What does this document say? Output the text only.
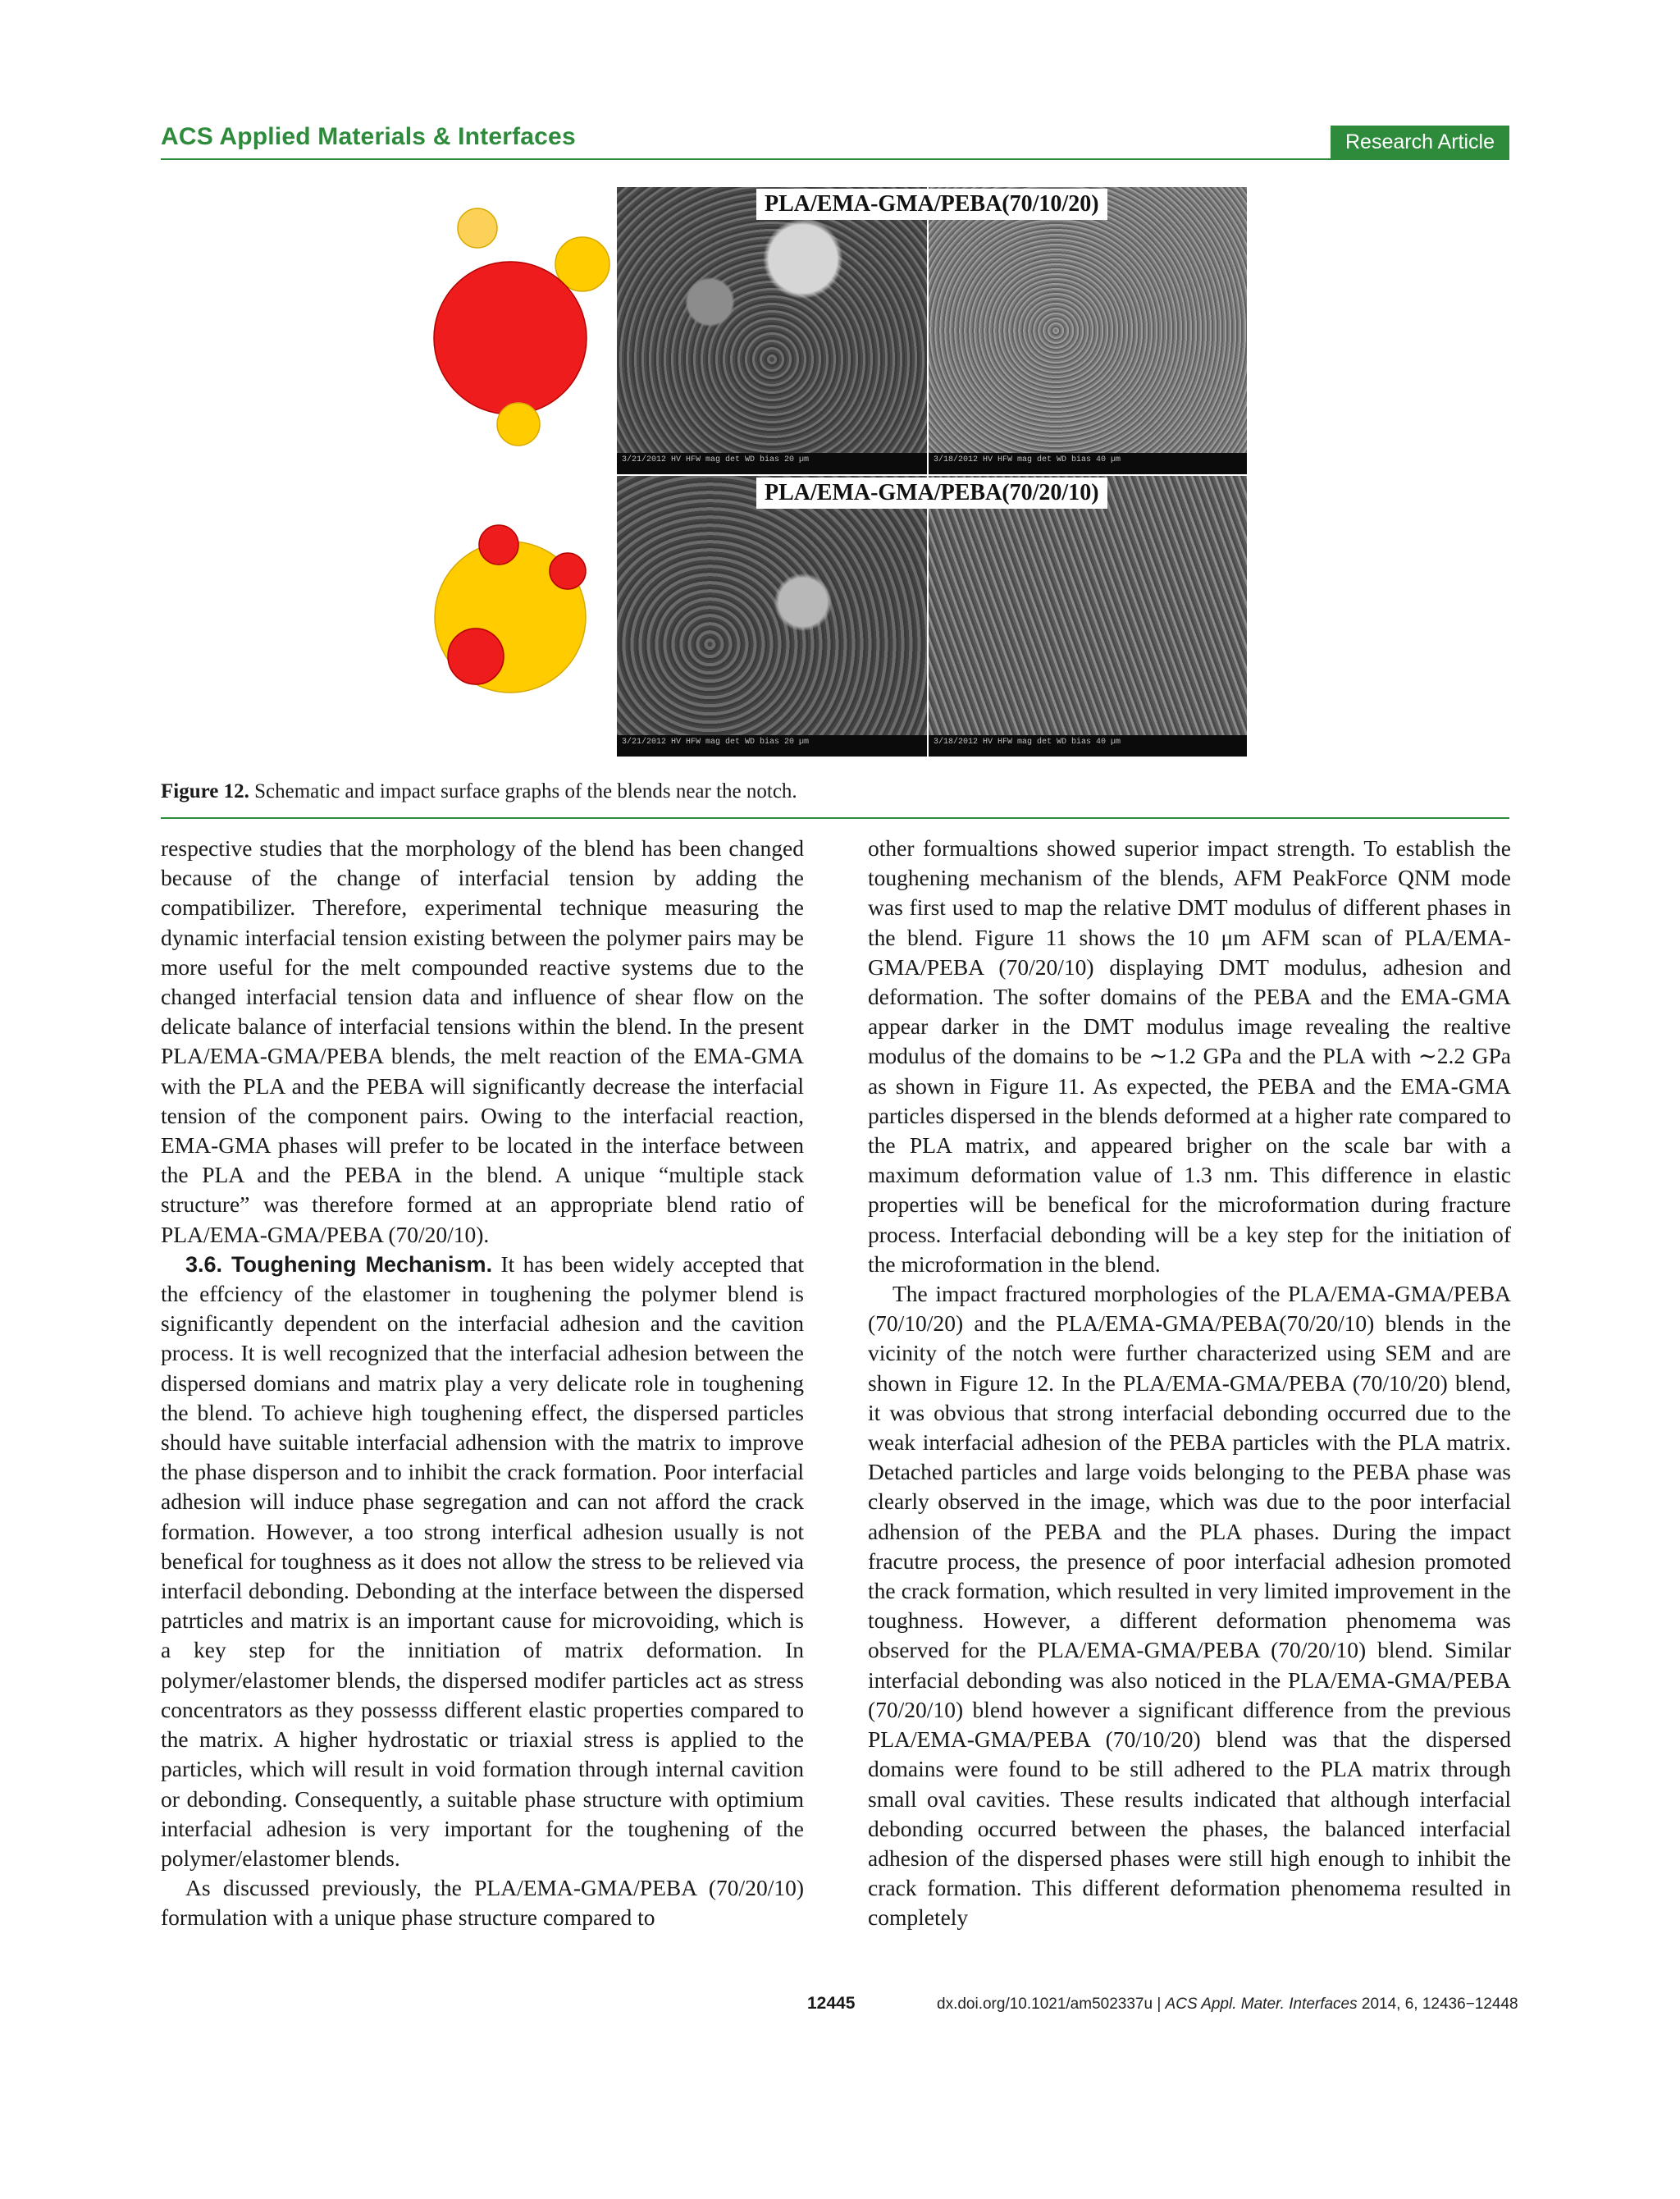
ACS Applied Materials & Interfaces	Research Article
3/21/2012 HV HFW mag det WD bias 20 µm	3/18/2012 HV HFW mag det WD bias 40 µm
3/21/2012 HV HFW mag det WD bias 20 µm	3/18/2012 HV HFW mag det WD bias 40 µm
PLA/EMA-GMA/PEBA(70/10/20)
PLA/EMA-GMA/PEBA(70/20/10)
Figure 12. Schematic and impact surface graphs of the blends near the notch.

respective studies that the morphology of the blend has been changed because of the change of interfacial tension by adding the compatibilizer. Therefore, experimental technique measuring the dynamic interfacial tension existing between the polymer pairs may be more useful for the melt compounded reactive systems due to the changed interfacial tension data and influence of shear flow on the delicate balance of interfacial tensions within the blend. In the present PLA/EMA-GMA/PEBA blends, the melt reaction of the EMA-GMA with the PLA and the PEBA will significantly decrease the interfacial tension of the component pairs. Owing to the interfacial reaction, EMA-GMA phases will prefer to be located in the interface between the PLA and the PEBA in the blend. A unique “multiple stack structure” was therefore formed at an appropriate blend ratio of PLA/EMA-GMA/PEBA (70/20/10).

3.6. Toughening Mechanism. It has been widely accepted that the effciency of the elastomer in toughening the polymer blend is significantly dependent on the interfacial adhesion and the cavition process. It is well recognized that the interfacial adhesion between the dispersed domians and matrix play a very delicate role in toughening the blend. To achieve high toughening effect, the dispersed particles should have suitable interfacial adhension with the matrix to improve the phase disperson and to inhibit the crack formation. Poor interfacial adhesion will induce phase segregation and can not afford the crack formation. However, a too strong interfical adhesion usually is not benefical for toughness as it does not allow the stress to be relieved via interfacil debonding. Debonding at the interface between the dispersed patrticles and matrix is an important cause for microvoiding, which is a key step for the innitiation of matrix deformation. In polymer/elastomer blends, the dispersed modifer particles act as stress concentrators as they possesss different elastic properties compared to the matrix. A higher hydrostatic or triaxial stress is applied to the particles, which will result in void formation through internal cavition or debonding. Consequently, a suitable phase structure with optimium interfacial adhesion is very important for the toughening of the polymer/elastomer blends.

As discussed previously, the PLA/EMA-GMA/PEBA (70/20/10) formulation with a unique phase structure compared to

other formualtions showed superior impact strength. To establish the toughening mechanism of the blends, AFM PeakForce QNM mode was first used to map the relative DMT modulus of different phases in the blend. Figure 11 shows the 10 μm AFM scan of PLA/EMA-GMA/PEBA (70/20/10) displaying DMT modulus, adhesion and deformation. The softer domains of the PEBA and the EMA-GMA appear darker in the DMT modulus image revealing the realtive modulus of the domains to be ∼1.2 GPa and the PLA with ∼2.2 GPa as shown in Figure 11. As expected, the PEBA and the EMA-GMA particles dispersed in the blends deformed at a higher rate compared to the PLA matrix, and appeared brigher on the scale bar with a maximum deformation value of 1.3 nm. This difference in elastic properties will be benefical for the microformation during fracture process. Interfacial debonding will be a key step for the initiation of the microformation in the blend.

The impact fractured morphologies of the PLA/EMA-GMA/PEBA (70/10/20) and the PLA/EMA-GMA/PEBA(70/20/10) blends in the vicinity of the notch were further characterized using SEM and are shown in Figure 12. In the PLA/EMA-GMA/PEBA (70/10/20) blend, it was obvious that strong interfacial debonding occurred due to the weak interfacial adhesion of the PEBA particles with the PLA matrix. Detached particles and large voids belonging to the PEBA phase was clearly observed in the image, which was due to the poor interfacial adhension of the PEBA and the PLA phases. During the impact fracutre process, the presence of poor interfacial adhesion promoted the crack formation, which resulted in very limited improvement in the toughness. However, a different deformation phenomema was observed for the PLA/EMA-GMA/PEBA (70/20/10) blend. Similar interfacial debonding was also noticed in the PLA/EMA-GMA/PEBA (70/20/10) blend however a significant difference from the previous PLA/EMA-GMA/PEBA (70/10/20) blend was that the dispersed domains were found to be still adhered to the PLA matrix through small oval cavities. These results indicated that although interfacial debonding occurred between the phases, the balanced interfacial adhesion of the dispersed phases were still high enough to inhibit the crack formation. This different deformation phenomema resulted in completely

12445	dx.doi.org/10.1021/am502337u | ACS Appl. Mater. Interfaces 2014, 6, 12436−12448
